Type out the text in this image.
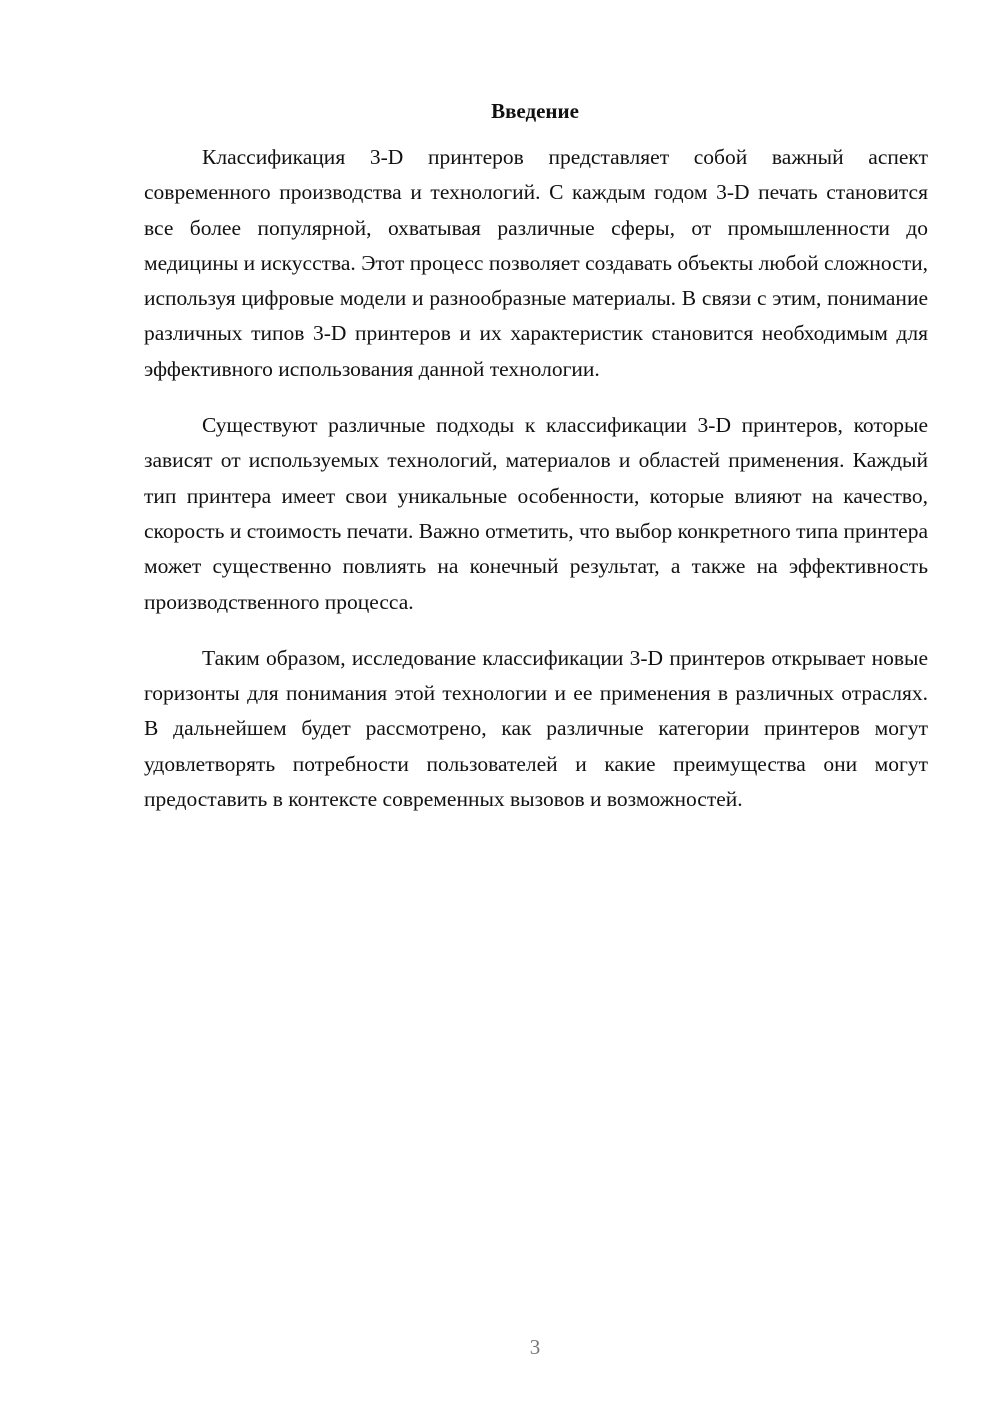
Введение

Классификация 3-D принтеров представляет собой важный аспект современного производства и технологий. С каждым годом 3-D печать становится все более популярной, охватывая различные сферы, от промышленности до медицины и искусства. Этот процесс позволяет создавать объекты любой сложности, используя цифровые модели и разнообразные материалы. В связи с этим, понимание различных типов 3-D принтеров и их характеристик становится необходимым для эффективного использования данной технологии.

Существуют различные подходы к классификации 3-D принтеров, которые зависят от используемых технологий, материалов и областей применения. Каждый тип принтера имеет свои уникальные особенности, которые влияют на качество, скорость и стоимость печати. Важно отметить, что выбор конкретного типа принтера может существенно повлиять на конечный результат, а также на эффективность производственного процесса.

Таким образом, исследование классификации 3-D принтеров открывает новые горизонты для понимания этой технологии и ее применения в различных отраслях. В дальнейшем будет рассмотрено, как различные категории принтеров могут удовлетворять потребности пользователей и какие преимущества они могут предоставить в контексте современных вызовов и возможностей.

3
